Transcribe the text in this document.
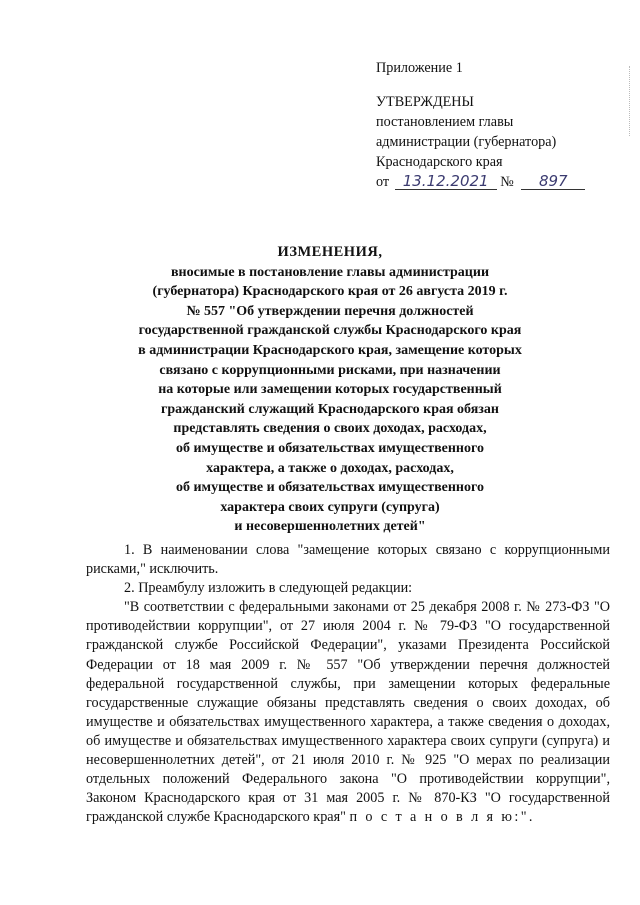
Приложение 1
УТВЕРЖДЕНЫ
постановлением главы
администрации (губернатора)
Краснодарского края
от 13.12.2021 № 897
ИЗМЕНЕНИЯ,
вносимые в постановление главы администрации
(губернатора) Краснодарского края от 26 августа 2019 г.
№ 557 "Об утверждении перечня должностей
государственной гражданской службы Краснодарского края
в администрации Краснодарского края, замещение которых
связано с коррупционными рисками, при назначении
на которые или замещении которых государственный
гражданский служащий Краснодарского края обязан
представлять сведения о своих доходах, расходах,
об имуществе и обязательствах имущественного
характера, а также о доходах, расходах,
об имуществе и обязательствах имущественного
характера своих супруги (супруга)
и несовершеннолетних детей"

1. В наименовании слова "замещение которых связано с коррупционными рисками," исключить.

2. Преамбулу изложить в следующей редакции:

"В соответствии с федеральными законами от 25 декабря 2008 г. № 273-ФЗ "О противодействии коррупции", от 27 июля 2004 г. № 79-ФЗ "О государственной гражданской службе Российской Федерации", указами Президента Российской Федерации от 18 мая 2009 г. № 557 "Об утверждении перечня должностей федеральной государственной службы, при замещении которых федеральные государственные служащие обязаны представлять сведения о своих доходах, об имуществе и обязательствах имущественного характера, а также сведения о доходах, об имуществе и обязательствах имущественного характера своих супруги (супруга) и несовершеннолетних детей", от 21 июля 2010 г. № 925 "О мерах по реализации отдельных положений Федерального закона "О противодействии коррупции", Законом Краснодарского края от 31 мая 2005 г. № 870-КЗ "О государственной гражданской службе Краснодарского края" п о с т а н о в л я ю:".
